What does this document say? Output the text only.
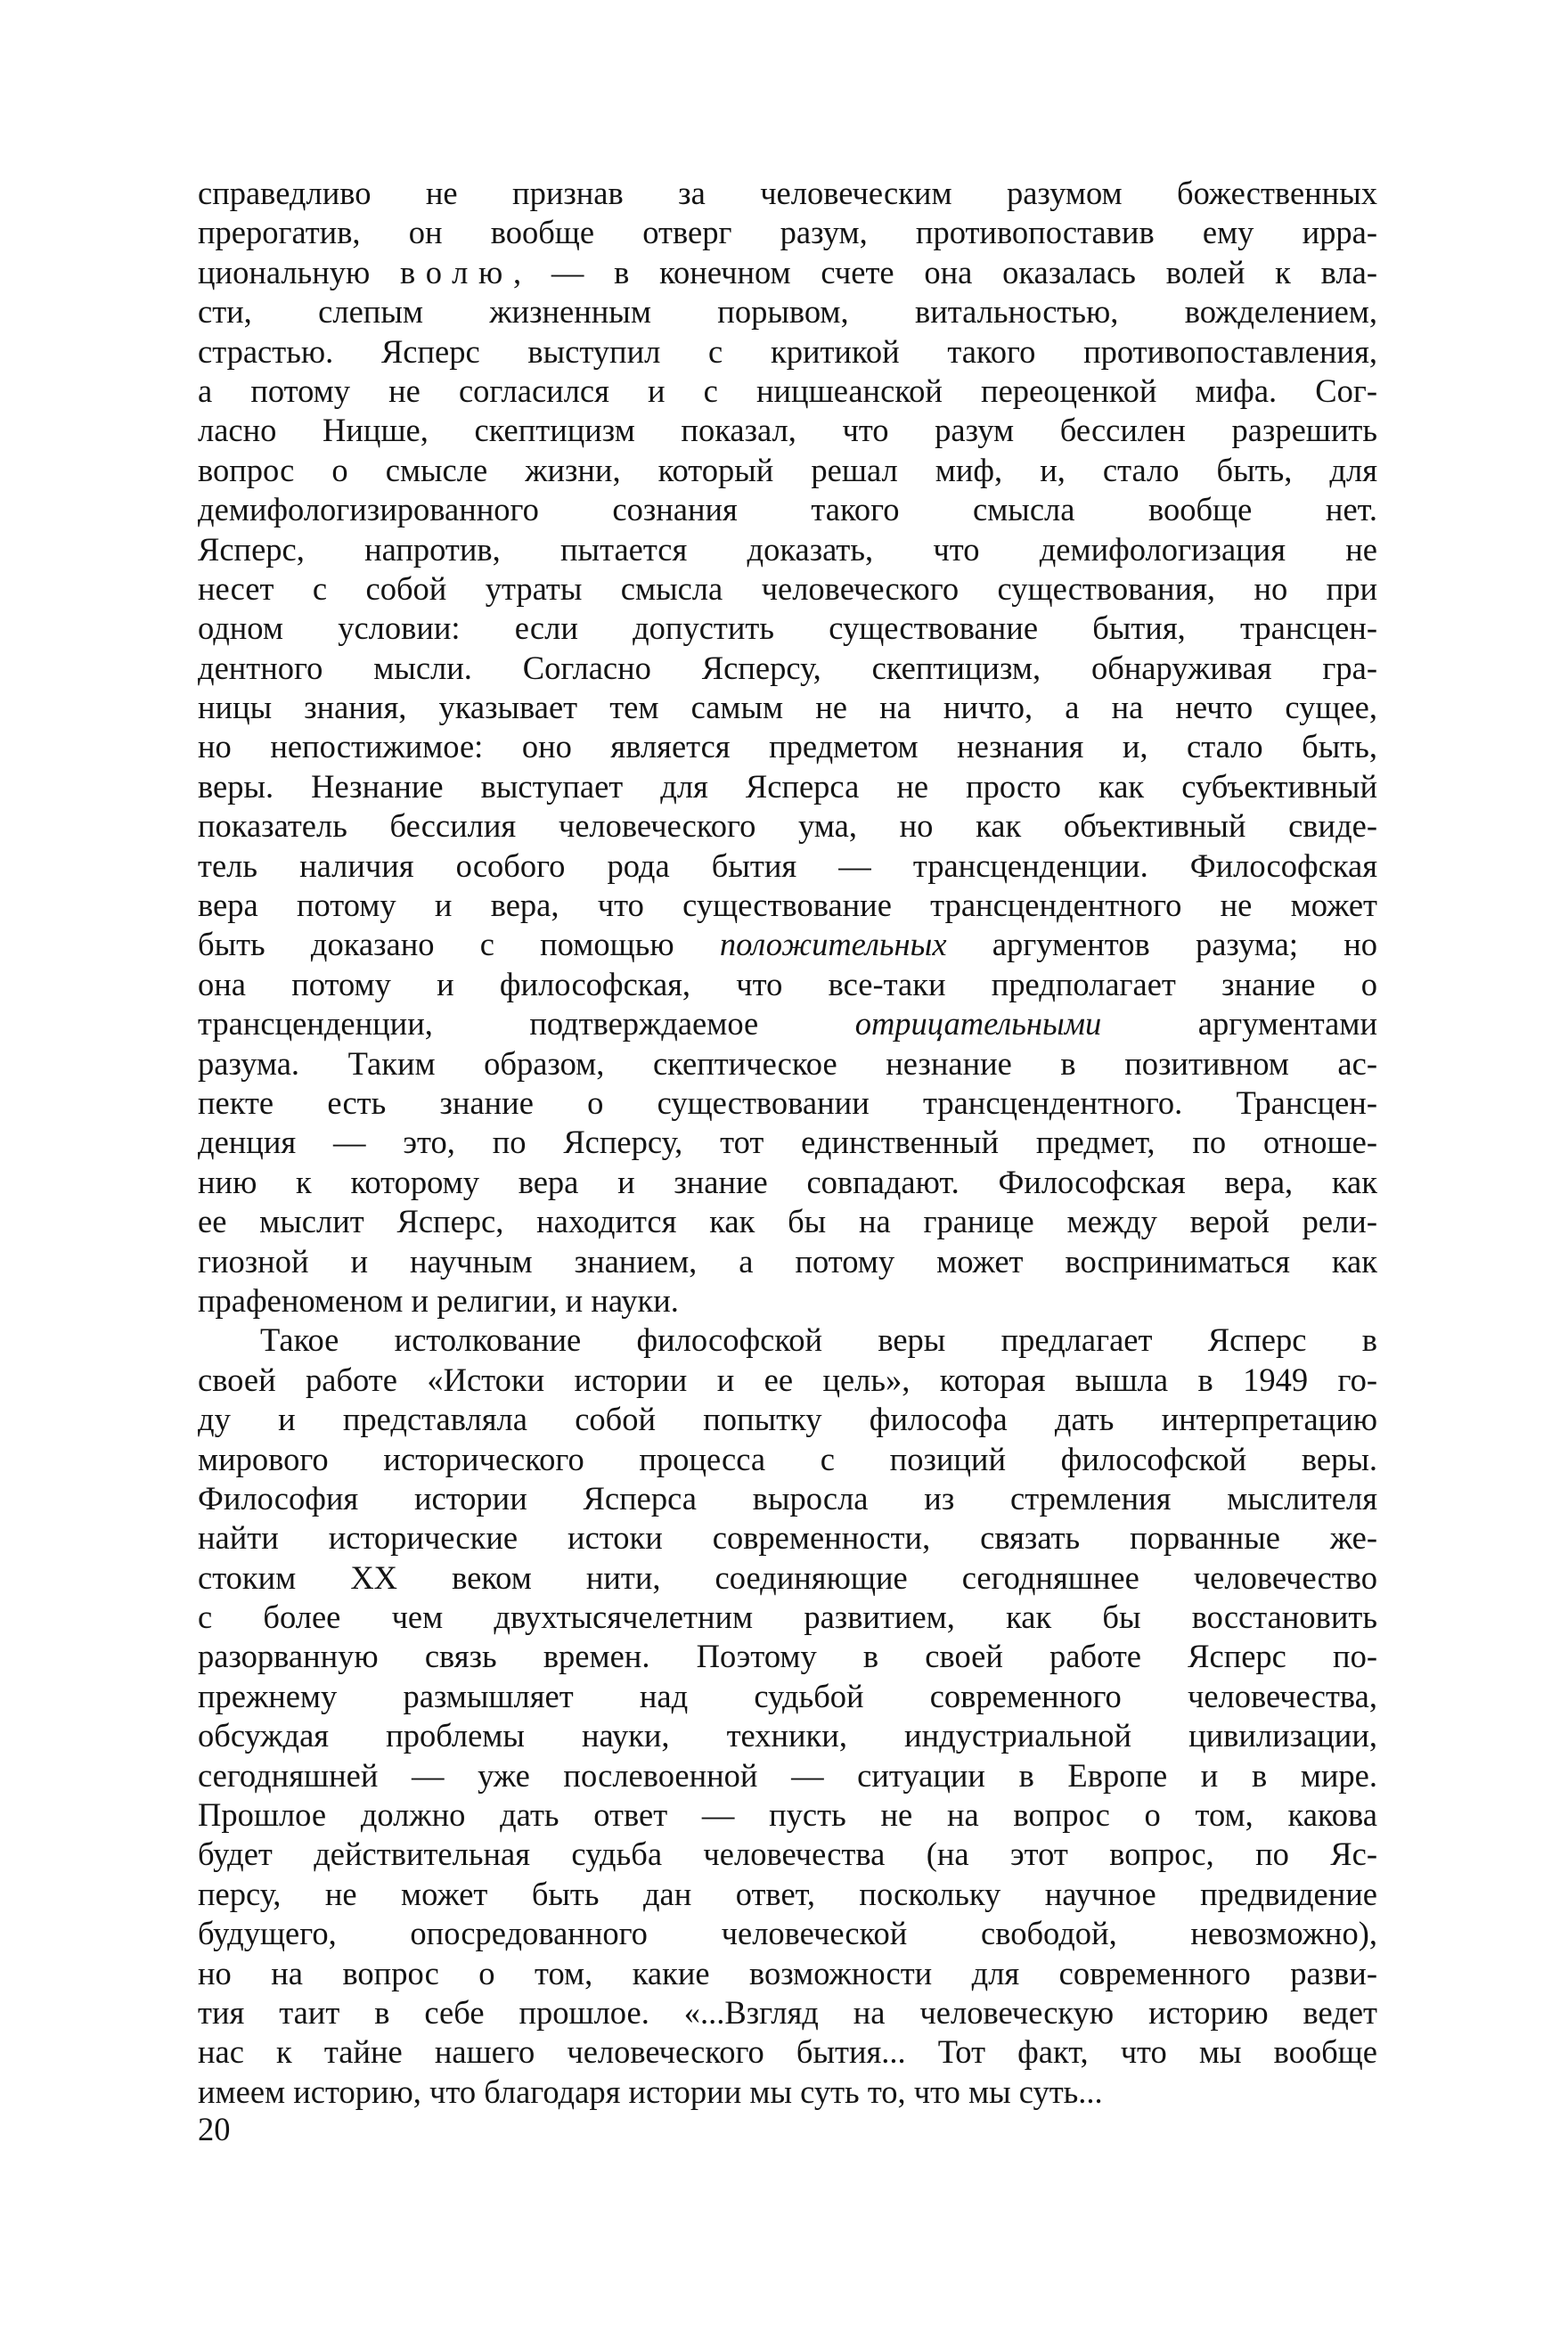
справедливо не признав за человеческим разумом божественных
прерогатив, он вообще отверг разум, противопоставив ему ирра-
циональную волю, — в конечном счете она оказалась волей к вла-
сти, слепым жизненным порывом, витальностью, вожделением,
страстью. Ясперс выступил с критикой такого противопоставления,
а потому не согласился и с ницшеанской переоценкой мифа. Сог-
ласно Ницше, скептицизм показал, что разум бессилен разрешить
вопрос о смысле жизни, который решал миф, и, стало быть, для
демифологизированного сознания такого смысла вообще нет.
Ясперс, напротив, пытается доказать, что демифологизация не
несет с собой утраты смысла человеческого существования, но при
одном условии: если допустить существование бытия, трансцен-
дентного мысли. Согласно Ясперсу, скептицизм, обнаруживая гра-
ницы знания, указывает тем самым не на ничто, а на нечто сущее,
но непостижимое: оно является предметом незнания и, стало быть,
веры. Незнание выступает для Ясперса не просто как субъективный
показатель бессилия человеческого ума, но как объективный свиде-
тель наличия особого рода бытия — трансценденции. Философская
вера потому и вера, что существование трансцендентного не может
быть доказано с помощью положительных аргументов разума; но
она потому и философская, что все-таки предполагает знание о
трансценденции, подтверждаемое отрицательными аргументами
разума. Таким образом, скептическое незнание в позитивном ас-
пекте есть знание о существовании трансцендентного. Трансцен-
денция — это, по Ясперсу, тот единственный предмет, по отноше-
нию к которому вера и знание совпадают. Философская вера, как
ее мыслит Ясперс, находится как бы на границе между верой рели-
гиозной и научным знанием, а потому может восприниматься как
прафеноменом и религии, и науки.
Такое истолкование философской веры предлагает Ясперс в
своей работе «Истоки истории и ее цель», которая вышла в 1949 го-
ду и представляла собой попытку философа дать интерпретацию
мирового исторического процесса с позиций философской веры.
Философия истории Ясперса выросла из стремления мыслителя
найти исторические истоки современности, связать порванные же-
стоким XX веком нити, соединяющие сегодняшнее человечество
с более чем двухтысячелетним развитием, как бы восстановить
разорванную связь времен. Поэтому в своей работе Ясперс по-
прежнему размышляет над судьбой современного человечества,
обсуждая проблемы науки, техники, индустриальной цивилизации,
сегодняшней — уже послевоенной — ситуации в Европе и в мире.
Прошлое должно дать ответ — пусть не на вопрос о том, какова
будет действительная судьба человечества (на этот вопрос, по Яс-
персу, не может быть дан ответ, поскольку научное предвидение
будущего, опосредованного человеческой свободой, невозможно),
но на вопрос о том, какие возможности для современного разви-
тия таит в себе прошлое. «...Взгляд на человеческую историю ведет
нас к тайне нашего человеческого бытия... Тот факт, что мы вообще
имеем историю, что благодаря истории мы суть то, что мы суть...
20
